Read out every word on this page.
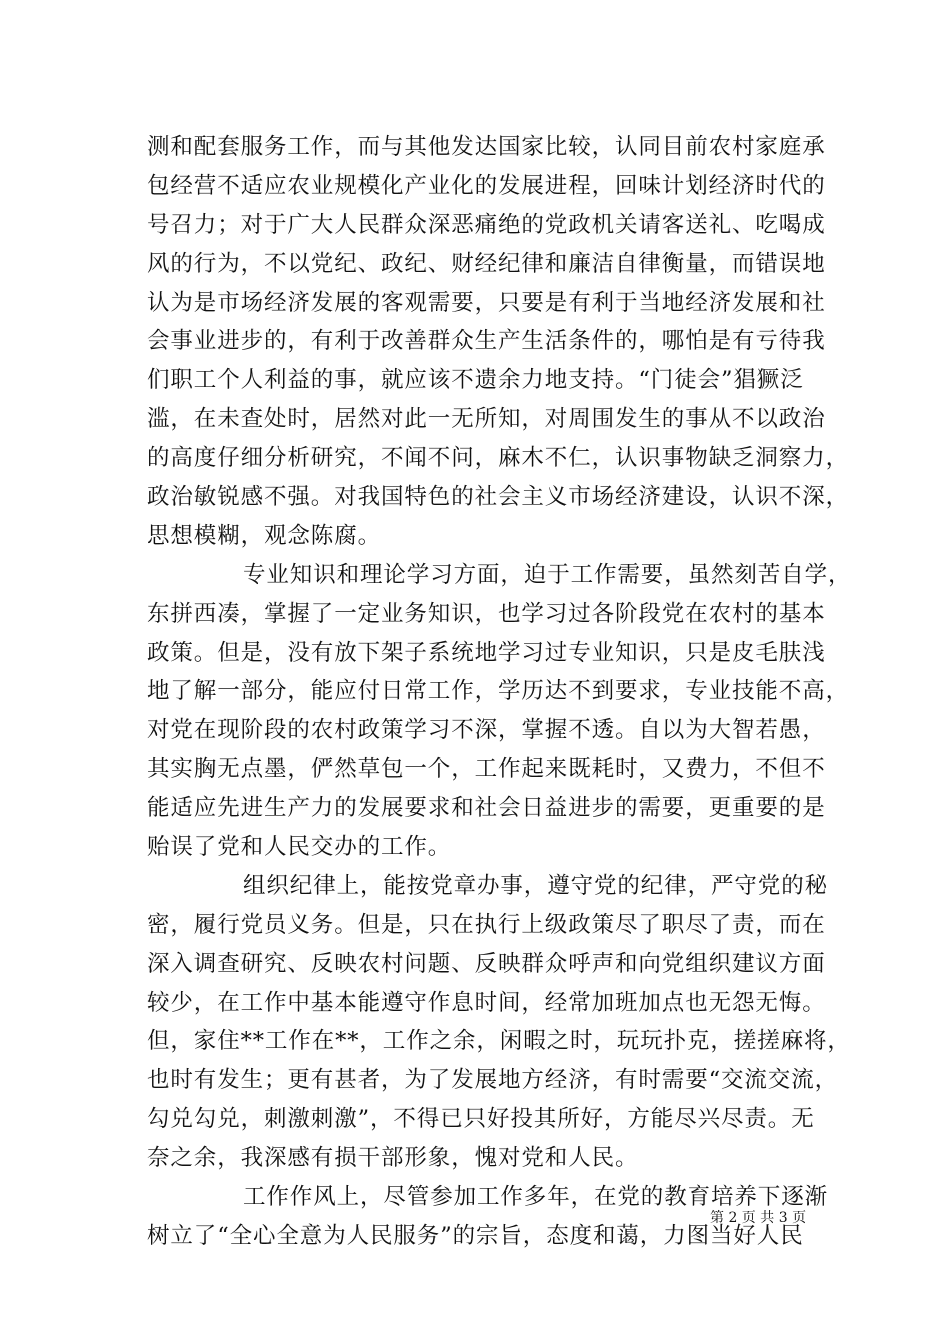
测和配套服务工作，而与其他发达国家比较，认同目前农村家庭承
包经营不适应农业规模化产业化的发展进程，回味计划经济时代的
号召力；对于广大人民群众深恶痛绝的党政机关请客送礼、吃喝成
风的行为，不以党纪、政纪、财经纪律和廉洁自律衡量，而错误地
认为是市场经济发展的客观需要，只要是有利于当地经济发展和社
会事业进步的，有利于改善群众生产生活条件的，哪怕是有亏待我
们职工个人利益的事，就应该不遗余力地支持。“门徒会”猖獗泛
滥，在未查处时，居然对此一无所知，对周围发生的事从不以政治
的高度仔细分析研究，不闻不问，麻木不仁，认识事物缺乏洞察力，
政治敏锐感不强。对我国特色的社会主义市场经济建设，认识不深，
思想模糊，观念陈腐。
专业知识和理论学习方面，迫于工作需要，虽然刻苦自学，
东拼西凑，掌握了一定业务知识，也学习过各阶段党在农村的基本
政策。但是，没有放下架子系统地学习过专业知识，只是皮毛肤浅
地了解一部分，能应付日常工作，学历达不到要求，专业技能不高，
对党在现阶段的农村政策学习不深，掌握不透。自以为大智若愚，
其实胸无点墨，俨然草包一个，工作起来既耗时，又费力，不但不
能适应先进生产力的发展要求和社会日益进步的需要，更重要的是
贻误了党和人民交办的工作。
组织纪律上，能按党章办事，遵守党的纪律，严守党的秘
密，履行党员义务。但是，只在执行上级政策尽了职尽了责，而在
深入调查研究、反映农村问题、反映群众呼声和向党组织建议方面
较少，在工作中基本能遵守作息时间，经常加班加点也无怨无悔。
但，家住**工作在**，工作之余，闲暇之时，玩玩扑克，搓搓麻将，
也时有发生；更有甚者，为了发展地方经济，有时需要“交流交流，
勾兑勾兑，刺激刺激”，不得已只好投其所好，方能尽兴尽责。无
奈之余，我深感有损干部形象，愧对党和人民。
工作作风上，尽管参加工作多年，在党的教育培养下逐渐
树立了“全心全意为人民服务”的宗旨，态度和蔼，力图当好人民
第 2 页 共 3 页
